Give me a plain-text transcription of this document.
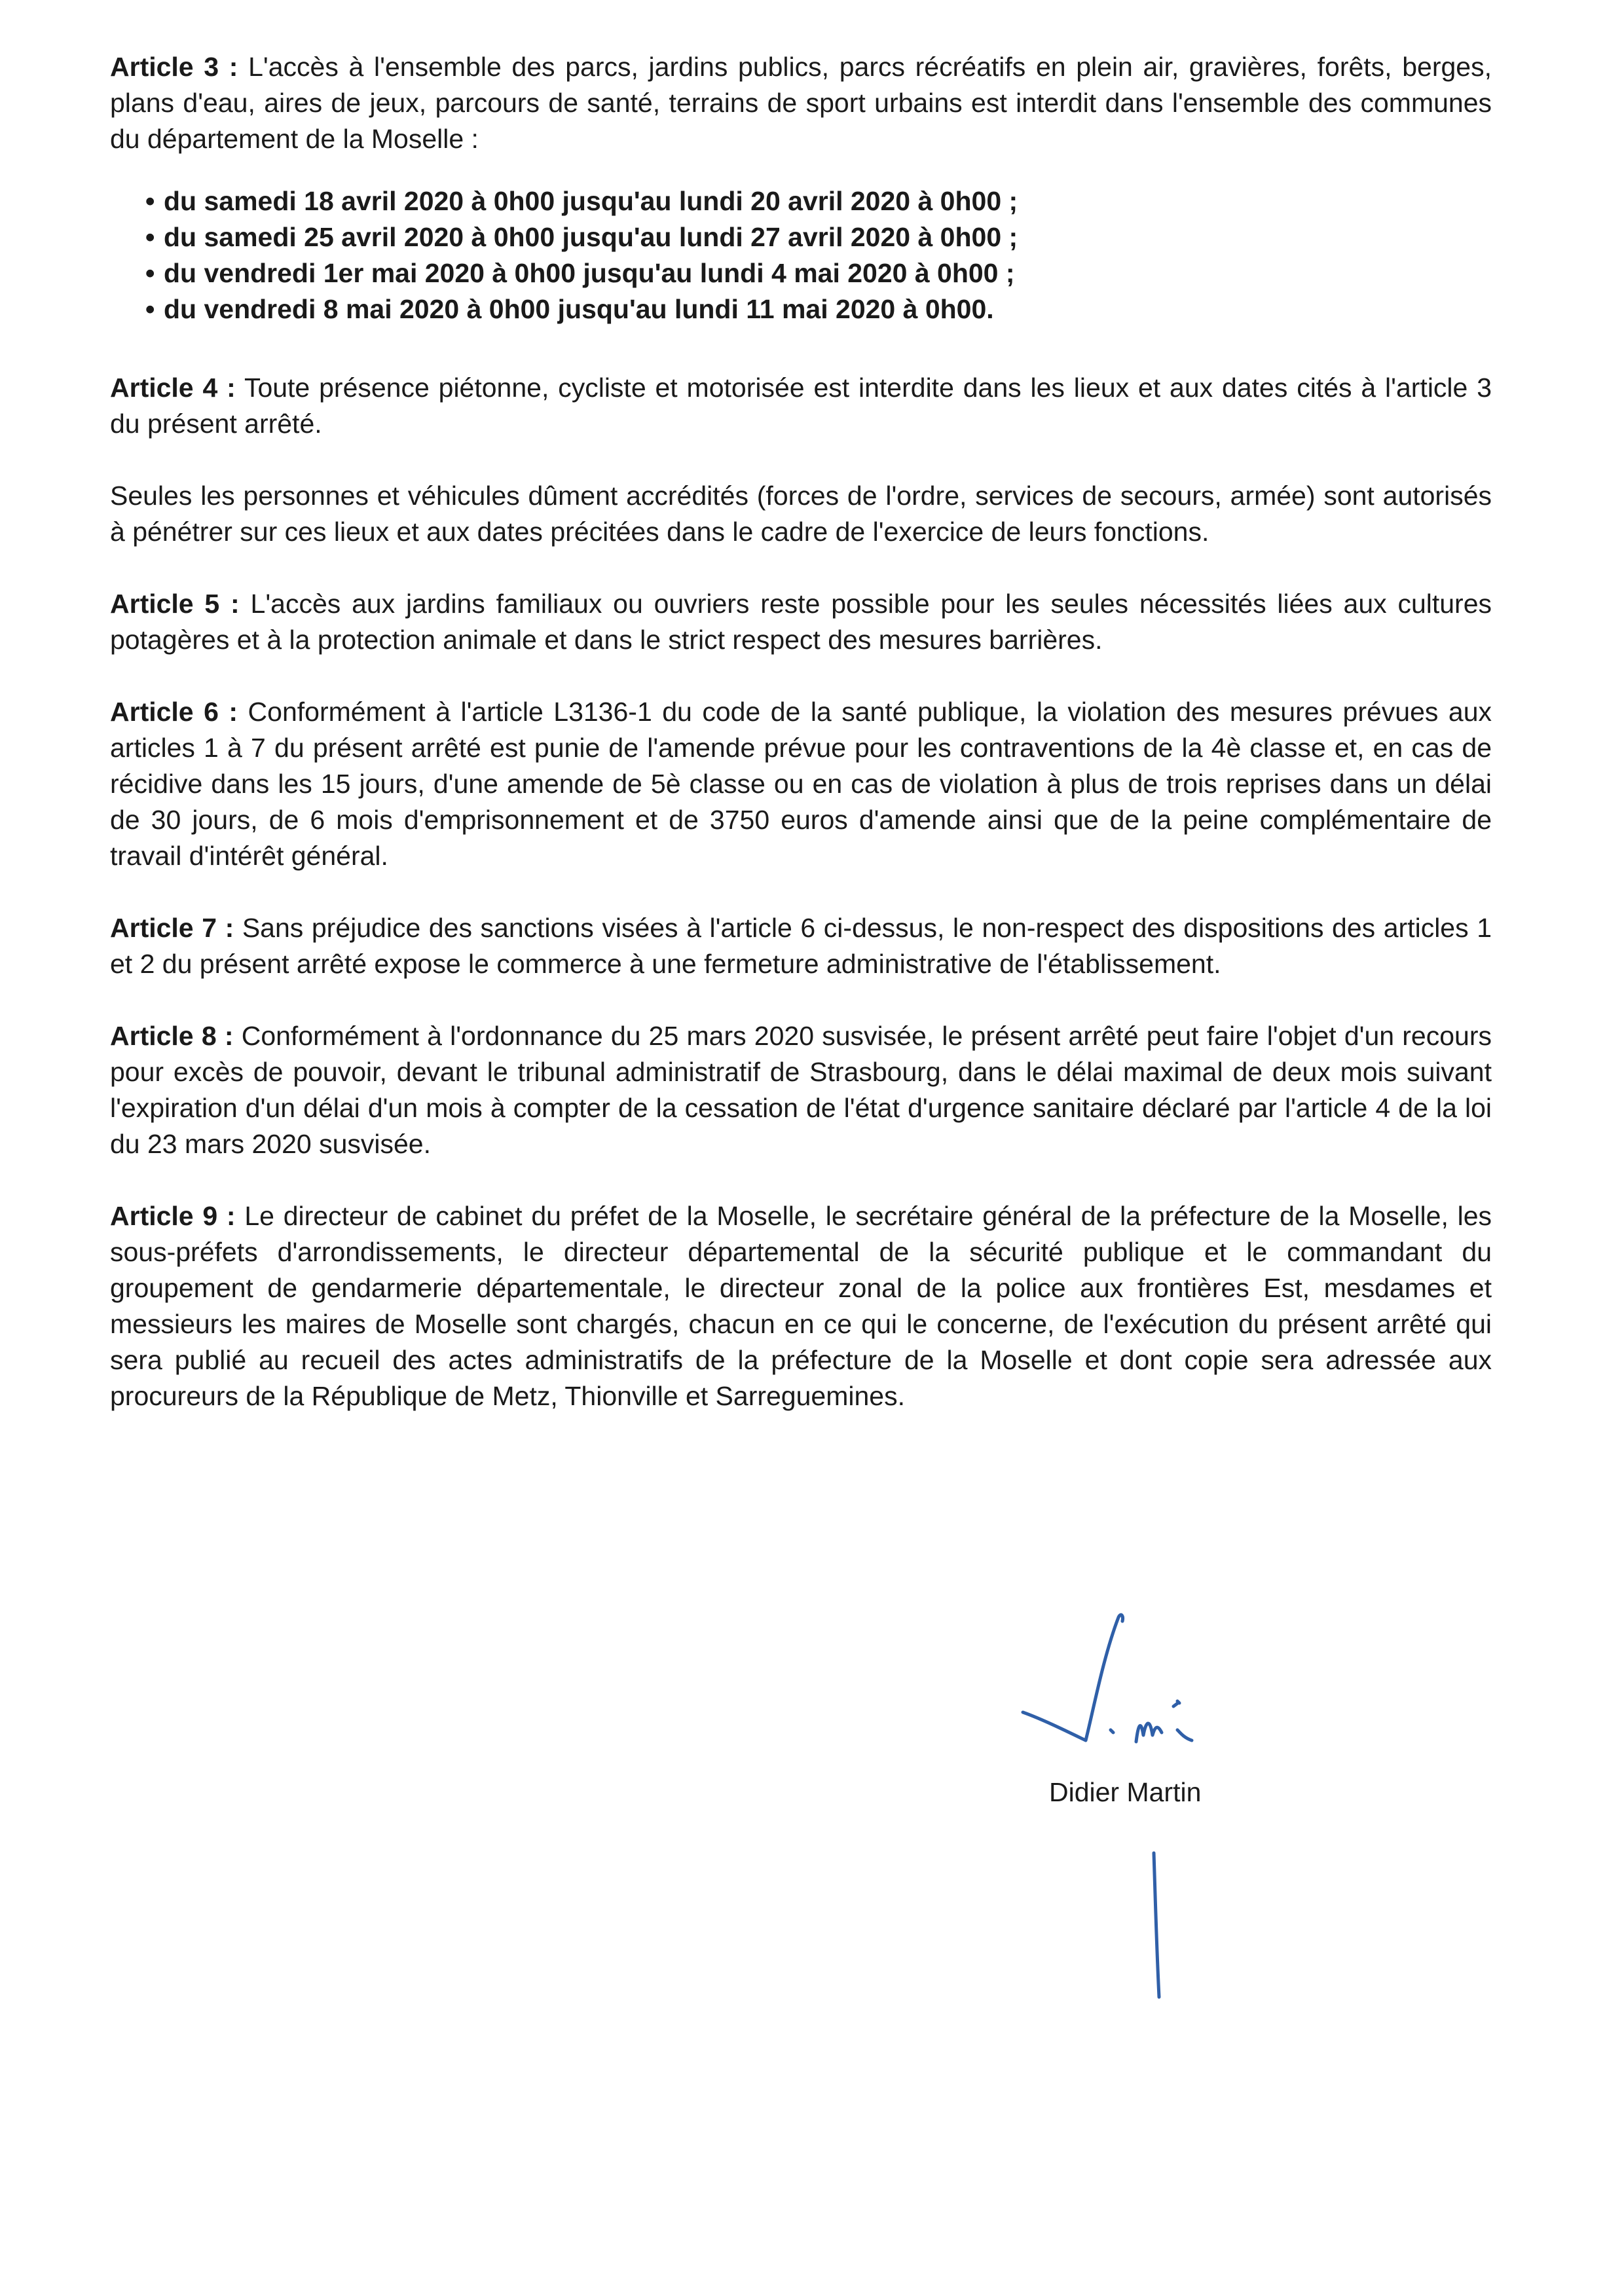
Article 3 : L'accès à l'ensemble des parcs, jardins publics, parcs récréatifs en plein air, gravières, forêts, berges, plans d'eau, aires de jeux, parcours de santé, terrains de sport urbains est interdit dans l'ensemble des communes du département de la Moselle :

• du samedi 18 avril 2020 à 0h00 jusqu'au lundi 20 avril 2020 à 0h00 ;
• du samedi 25 avril 2020 à 0h00 jusqu'au lundi 27 avril 2020 à 0h00 ;
• du vendredi 1er mai 2020 à 0h00 jusqu'au lundi 4 mai 2020 à 0h00 ;
• du vendredi 8 mai 2020 à 0h00 jusqu'au lundi 11 mai 2020 à 0h00.

Article 4 : Toute présence piétonne, cycliste et motorisée est interdite dans les lieux et aux dates cités à l'article 3 du présent arrêté.

Seules les personnes et véhicules dûment accrédités (forces de l'ordre, services de secours, armée) sont autorisés à pénétrer sur ces lieux et aux dates précitées dans le cadre de l'exercice de leurs fonctions.

Article 5 : L'accès aux jardins familiaux ou ouvriers reste possible pour les seules nécessités liées aux cultures potagères et à la protection animale et dans le strict respect des mesures barrières.

Article 6 : Conformément à l'article L3136-1 du code de la santé publique, la violation des mesures prévues aux articles 1 à 7 du présent arrêté est punie de l'amende prévue pour les contraventions de la 4è classe et, en cas de récidive dans les 15 jours, d'une amende de 5è classe ou en cas de violation à plus de trois reprises dans un délai de 30 jours, de 6 mois d'emprisonnement et de 3750 euros d'amende ainsi que de la peine complémentaire de travail d'intérêt général.

Article 7 : Sans préjudice des sanctions visées à l'article 6 ci-dessus, le non-respect des dispositions des articles 1 et 2 du présent arrêté expose le commerce à une fermeture administrative de l'établissement.

Article 8 : Conformément à l'ordonnance du 25 mars 2020 susvisée, le présent arrêté peut faire l'objet d'un recours pour excès de pouvoir, devant le tribunal administratif de Strasbourg, dans le délai maximal de deux mois suivant l'expiration d'un délai d'un mois à compter de la cessation de l'état d'urgence sanitaire déclaré par l'article 4 de la loi du 23 mars 2020 susvisée.

Article 9 : Le directeur de cabinet du préfet de la Moselle, le secrétaire général de la préfecture de la Moselle, les sous-préfets d'arrondissements, le directeur départemental de la sécurité publique et le commandant du groupement de gendarmerie départementale, le directeur zonal de la police aux frontières Est, mesdames et messieurs les maires de Moselle sont chargés, chacun en ce qui le concerne, de l'exécution du présent arrêté qui sera publié au recueil des actes administratifs de la préfecture de la Moselle et dont copie sera adressée aux procureurs de la République de Metz, Thionville et Sarreguemines.

Didier Martin
